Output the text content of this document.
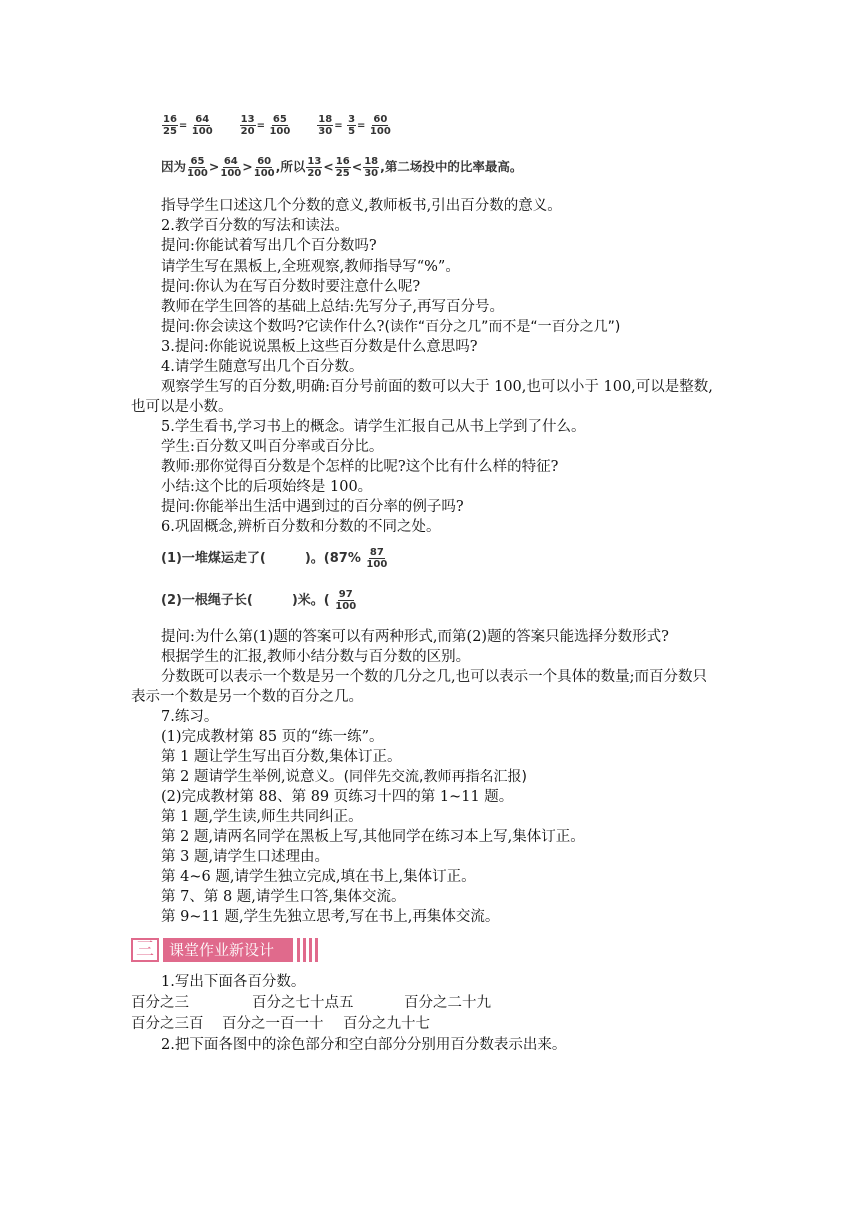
$\frac{16}{25} = \frac{64}{100}$
	$\frac{13}{20} = \frac{65}{100}$
	$\frac{18}{30} = \frac{3}{5} = \frac{60}{100}$
因为 $\frac{65}{100} > \frac{64}{100} > \frac{60}{100}$ ,所以 $\frac{13}{20} < \frac{16}{25} < \frac{18}{30}$ ,第二场投中的比率最高。
指导学生口述这几个分数的意义,教师板书,引出百分数的意义。
2.教学百分数的写法和读法。
提问:你能试着写出几个百分数吗?
请学生写在黑板上,全班观察,教师指导写“%”。
提问:你认为在写百分数时要注意什么呢?
教师在学生回答的基础上总结:先写分子,再写百分号。
提问:你会读这个数吗?它读作什么?(读作“百分之几”而不是“一百分之几”)
3.提问:你能说说黑板上这些百分数是什么意思吗?
4.请学生随意写出几个百分数。
观察学生写的百分数,明确:百分号前面的数可以大于 100,也可以小于 100,可以是整数,
也可以是小数。
5.学生看书,学习书上的概念。请学生汇报自己从书上学到了什么。
学生:百分数又叫百分率或百分比。
教师:那你觉得百分数是个怎样的比呢?这个比有什么样的特征?
小结:这个比的后项始终是 100。
提问:你能举出生活中遇到过的百分率的例子吗?
6.巩固概念,辨析百分数和分数的不同之处。
(1)一堆煤运走了(　　　)。($87\% \frac{87}{100}$
(2)一根绳子长(　　　)米。( $\frac{97}{100}$
提问:为什么第(1)题的答案可以有两种形式,而第(2)题的答案只能选择分数形式?
根据学生的汇报,教师小结分数与百分数的区别。
分数既可以表示一个数是另一个数的几分之几,也可以表示一个具体的数量;而百分数只
表示一个数是另一个数的百分之几。
7.练习。
(1)完成教材第 85 页的“练一练”。
第 1 题让学生写出百分数,集体订正。
第 2 题请学生举例,说意义。(同伴先交流,教师再指名汇报)
(2)完成教材第 88、第 89 页练习十四的第 1~11 题。
第 1 题,学生读,师生共同纠正。
第 2 题,请两名同学在黑板上写,其他同学在练习本上写,集体订正。
第 3 题,请学生口述理由。
第 4~6 题,请学生独立完成,填在书上,集体订正。
第 7、第 8 题,请学生口答,集体交流。
第 9~11 题,学生先独立思考,写在书上,再集体交流。
三	课堂作业新设计
1.写出下面各百分数。
百分之三	百分之七十点五	百分之二十九
百分之三百 百分之一百一十 百分之九十七
2.把下面各图中的涂色部分和空白部分分别用百分数表示出来。
